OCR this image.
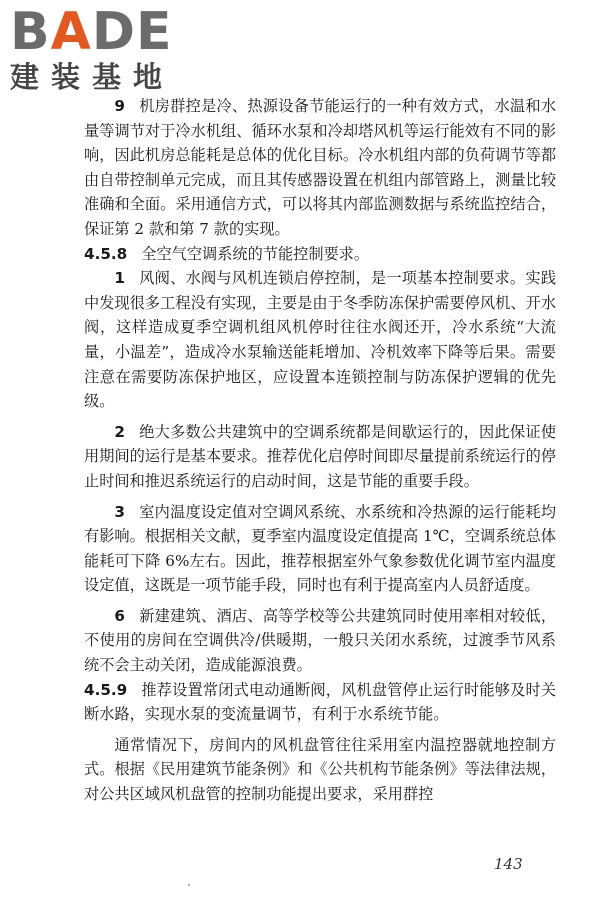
BADE
建装基地

9 机房群控是冷、热源设备节能运行的一种有效方式，水温和水量等调节对于冷水机组、循环水泵和冷却塔风机等运行能效有不同的影响，因此机房总能耗是总体的优化目标。冷水机组内部的负荷调节等都由自带控制单元完成，而且其传感器设置在机组内部管路上，测量比较准确和全面。采用通信方式，可以将其内部监测数据与系统监控结合，保证第 2 款和第 7 款的实现。

4.5.8 全空气空调系统的节能控制要求。

1 风阀、水阀与风机连锁启停控制，是一项基本控制要求。实践中发现很多工程没有实现，主要是由于冬季防冻保护需要停风机、开水阀，这样造成夏季空调机组风机停时往往水阀还开，冷水系统“大流量，小温差”，造成冷水泵输送能耗增加、冷机效率下降等后果。需要注意在需要防冻保护地区，应设置本连锁控制与防冻保护逻辑的优先级。

2 绝大多数公共建筑中的空调系统都是间歇运行的，因此保证使用期间的运行是基本要求。推荐优化启停时间即尽量提前系统运行的停止时间和推迟系统运行的启动时间，这是节能的重要手段。

3 室内温度设定值对空调风系统、水系统和冷热源的运行能耗均有影响。根据相关文献，夏季室内温度设定值提高 1℃，空调系统总体能耗可下降 6%左右。因此，推荐根据室外气象参数优化调节室内温度设定值，这既是一项节能手段，同时也有利于提高室内人员舒适度。

6 新建建筑、酒店、高等学校等公共建筑同时使用率相对较低，不使用的房间在空调供冷/供暖期，一般只关闭水系统，过渡季节风系统不会主动关闭，造成能源浪费。

4.5.9 推荐设置常闭式电动通断阀，风机盘管停止运行时能够及时关断水路，实现水泵的变流量调节，有利于水系统节能。

通常情况下，房间内的风机盘管往往采用室内温控器就地控制方式。根据《民用建筑节能条例》和《公共机构节能条例》等法律法规，对公共区域风机盘管的控制功能提出要求，采用群控

143
